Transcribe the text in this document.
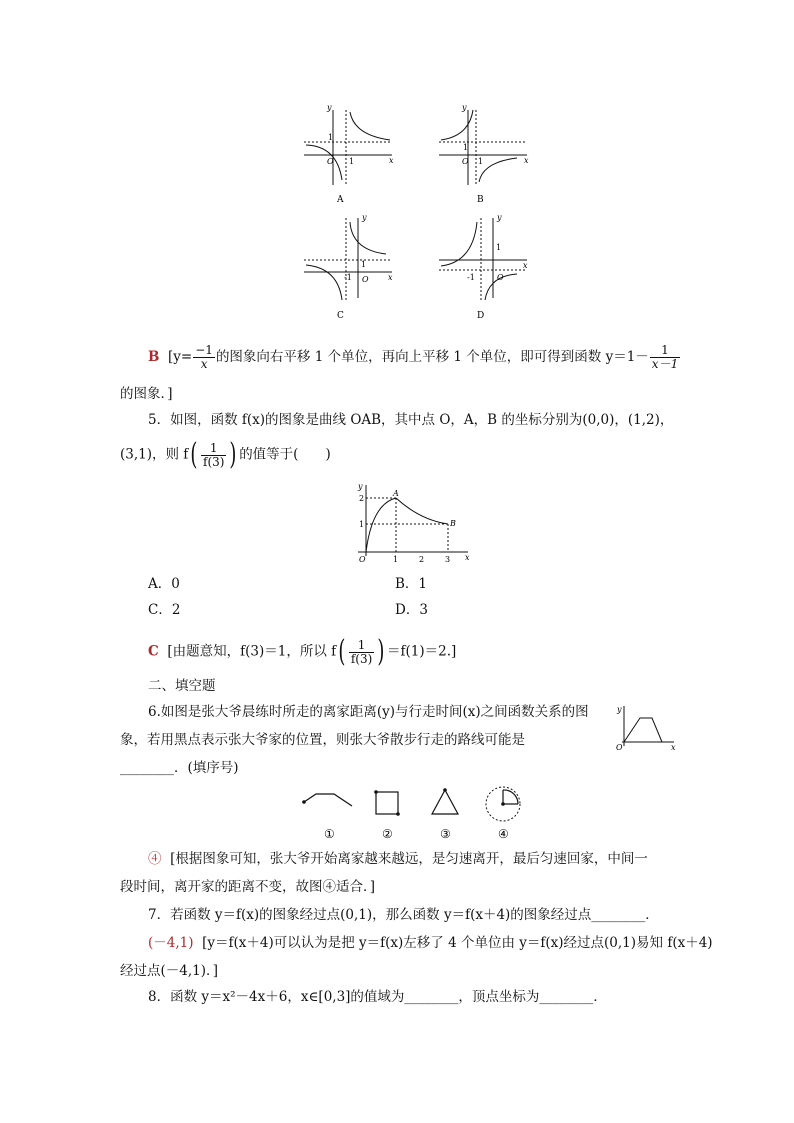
x
y
O
1
1
A
x
y
O
1
1
B
x
y
O
1
-1
C
x
y
O
1
-1
D
B [$y= \frac{-1}{x}$ 的图象向右平移 1 个单位，再向上平移 1 个单位，即可得到函数 $y=1- \frac{1}{x-1}$
的图象．]
5．如图，函数 f(x)的图象是曲线 OAB，其中点 O，A，B 的坐标分别为(0,0)，(1,2)，
(3,1)，则 $f( \frac{1}{f(3)}$ ) 的值等于(　　)
x
y
O
A
B
1	2	3
1
2
A．0	B．1
C．2	D．3
C [由题意知，f(3)＝1，所以 $f( \frac{1}{f(3)}$ ) ＝f(1)＝2.]
二、填空题
6.如图是张大爷晨练时所走的离家距离(y)与行走时间(x)之间函数关系的图
象，若用黑点表示张大爷家的位置，则张大爷散步行走的路线可能是
________．(填序号)
x
y
O
①	②	③	④
④ [根据图象可知，张大爷开始离家越来越远，是匀速离开，最后匀速回家，中间一
段时间，离开家的距离不变，故图④适合．]
7．若函数 y＝f(x)的图象经过点(0,1)，那么函数 y＝f(x＋4)的图象经过点________．
(－4,1) [y＝f(x＋4)可以认为是把 y＝f(x)左移了 4 个单位由 y＝f(x)经过点(0,1)易知 f(x＋4)
经过点(－4,1)．]
8．函数 y＝x²－4x＋6，x∈[0,3]的值域为________，顶点坐标为________．
